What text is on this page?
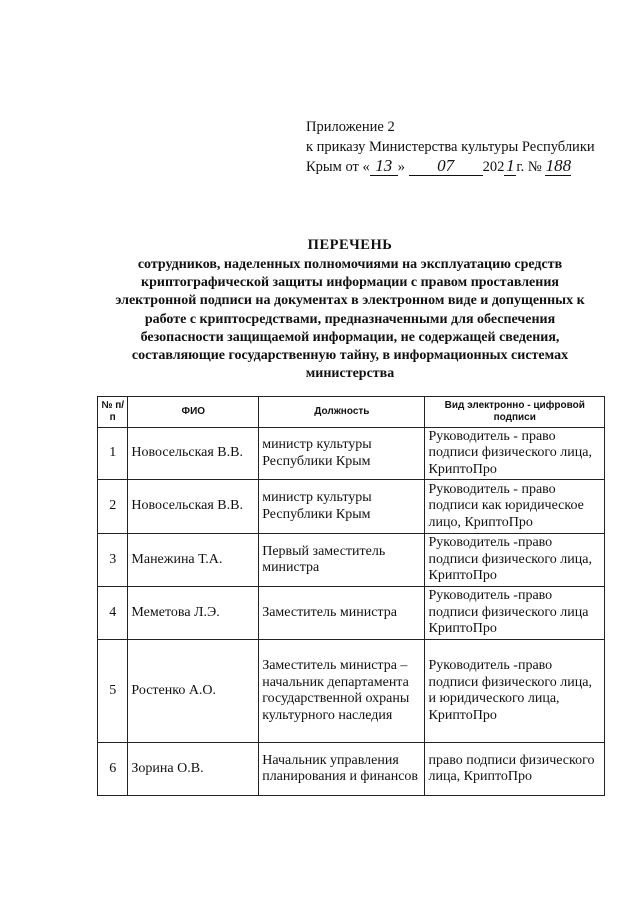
Приложение 2
к приказу Министерства культуры Республики
Крым от « 13 » 07 202 1 г. № 188
ПЕРЕЧЕНЬ
сотрудников, наделенных полномочиями на эксплуатацию средств
криптографической защиты информации с правом проставления
электронной подписи на документах в электронном виде и допущенных к
работе с криптосредствами, предназначенными для обеспечения
безопасности защищаемой информации, не содержащей сведения,
составляющие государственную тайну, в информационных системах
министерства
№ п/п	ФИО	Должность	Вид электронно - цифровой подписи
1	Новосельская В.В.	министр культуры Республики Крым	Руководитель - право подписи физического лица, КриптоПро
2	Новосельская В.В.	министр культуры Республики Крым	Руководитель - право подписи как юридическое лицо, КриптоПро
3	Манежина Т.А.	Первый заместитель министра	Руководитель -право подписи физического лица, КриптоПро
4	Меметова Л.Э.	Заместитель министра	Руководитель -право подписи физического лица КриптоПро
5	Ростенко А.О.	Заместитель министра – начальник департамента государственной охраны культурного наследия	Руководитель -право подписи физического лица, и юридического лица, КриптоПро
6	Зорина О.В.	Начальник управления планирования и финансов	право подписи физического лица, КриптоПро
